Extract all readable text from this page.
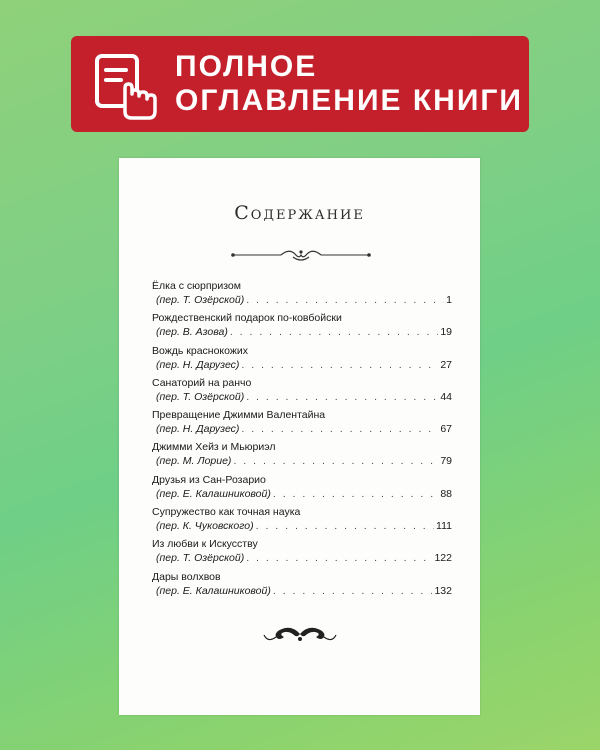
ПОЛНОЕ
ОГЛАВЛЕНИЕ КНИГИ
Содержание
Ёлка с сюрпризом
(пер. Т. Озёрской) . . .	1
Рождественский подарок по-ковбойски
(пер. В. Азова) . . .	19
Вождь краснокожих
(пер. Н. Дарузес) . . .	27
Санаторий на ранчо
(пер. Т. Озёрской) . . .	44
Превращение Джимми Валентайна
(пер. Н. Дарузес) . . .	67
Джимми Хейз и Мьюриэл
(пер. М. Лорие) . . .	79
Друзья из Сан-Розарио
(пер. Е. Калашниковой) . . .	88
Супружество как точная наука
(пер. К. Чуковского) . . .	111
Из любви к Искусству
(пер. Т. Озёрской) . . .	122
Дары волхвов
(пер. Е. Калашниковой) . . .	132
